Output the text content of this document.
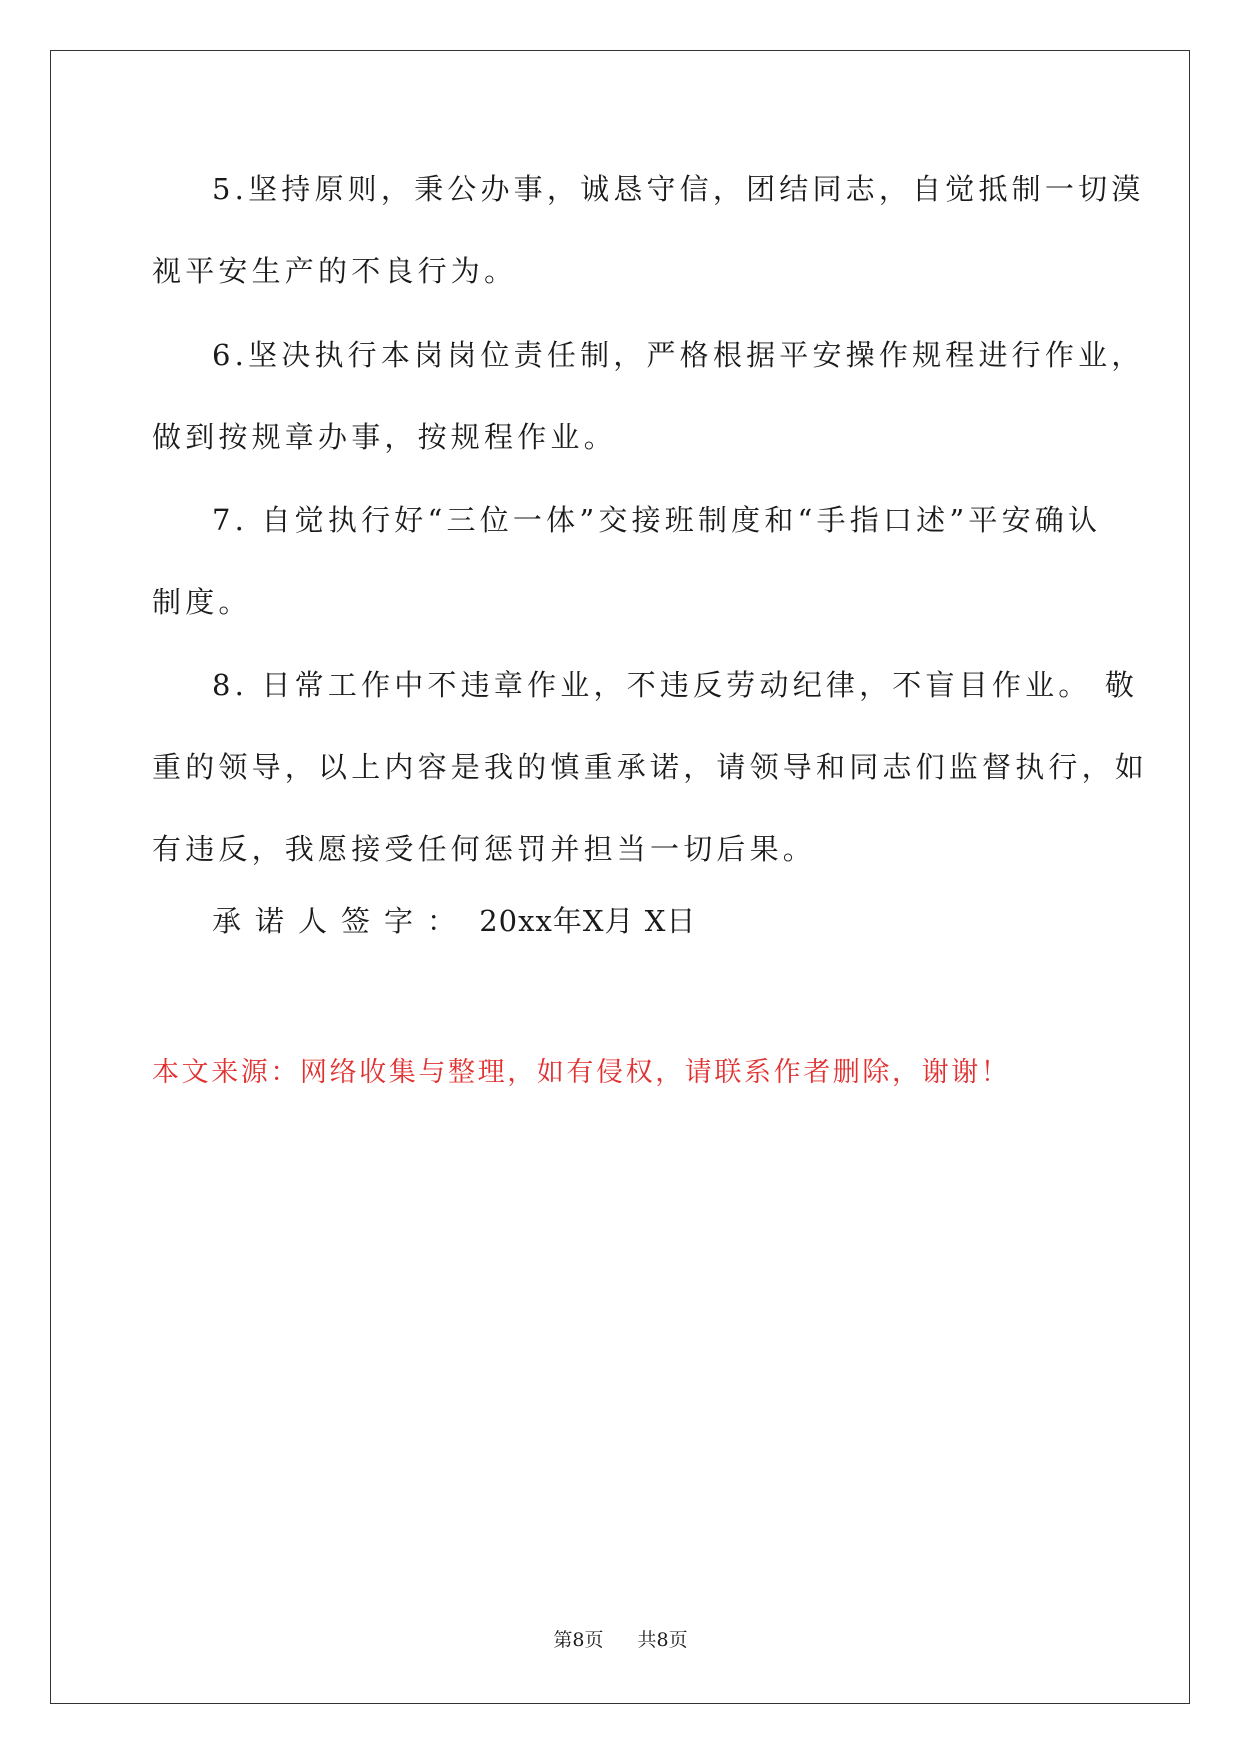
5.坚持原则，秉公办事，诚恳守信，团结同志，自觉抵制一切漠
视平安生产的不良行为。
6.坚决执行本岗岗位责任制，严格根据平安操作规程进行作业，
做到按规章办事，按规程作业。
7. 自觉执行好“三位一体”交接班制度和“手指口述”平安确认
制度。
8. 日常工作中不违章作业，不违反劳动纪律，不盲目作业。 敬
重的领导，以上内容是我的慎重承诺，请领导和同志们监督执行，如
有违反，我愿接受任何惩罚并担当一切后果。
承诺人签字： 20xx年X月 X日
本文来源：网络收集与整理，如有侵权，请联系作者删除，谢谢！
第8页 共8页
